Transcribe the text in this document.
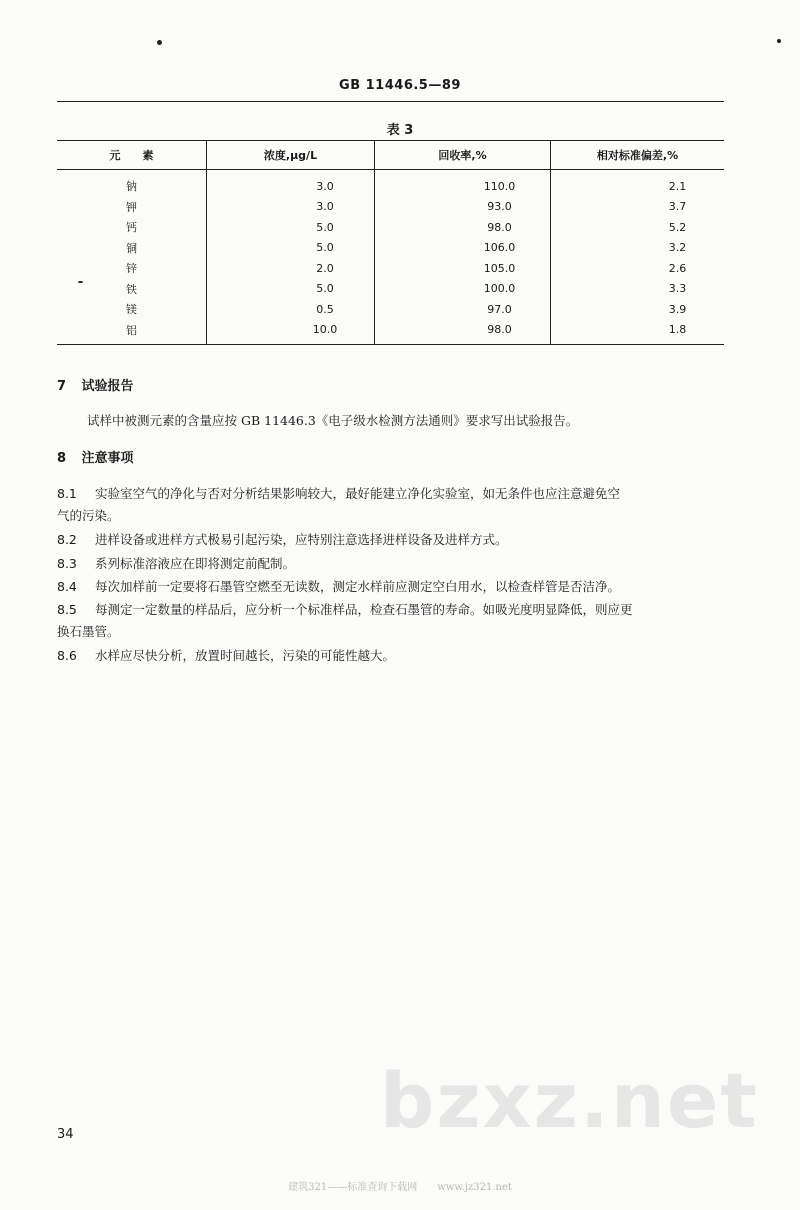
GB 11446.5—89
表 3
元　　素	浓度,μg/L	回收率,%	相对标准偏差,%
钠	3.0	110.0	2.1
钾	3.0	93.0	3.7
钙	5.0	98.0	5.2
铜	5.0	106.0	3.2
锌	2.0	105.0	2.6
铁	5.0	100.0	3.3
镁	0.5	97.0	3.9
铝	10.0	98.0	1.8
7 试验报告
试样中被测元素的含量应按 GB 11446.3《电子级水检测方法通则》要求写出试验报告。
8 注意事项
8.1 实验室空气的净化与否对分析结果影响较大，最好能建立净化实验室，如无条件也应注意避免空
气的污染。
8.2 进样设备或进样方式极易引起污染，应特别注意选择进样设备及进样方式。
8.3 系列标准溶液应在即将测定前配制。
8.4 每次加样前一定要将石墨管空燃至无读数，测定水样前应测定空白用水，以检查样管是否洁净。
8.5 每测定一定数量的样品后，应分析一个标准样品，检查石墨管的寿命。如吸光度明显降低，则应更
换石墨管。
8.6 水样应尽快分析，放置时间越长，污染的可能性越大。
bzxz.net
34
建筑321——标准查询下载网　　www.jz321.net
